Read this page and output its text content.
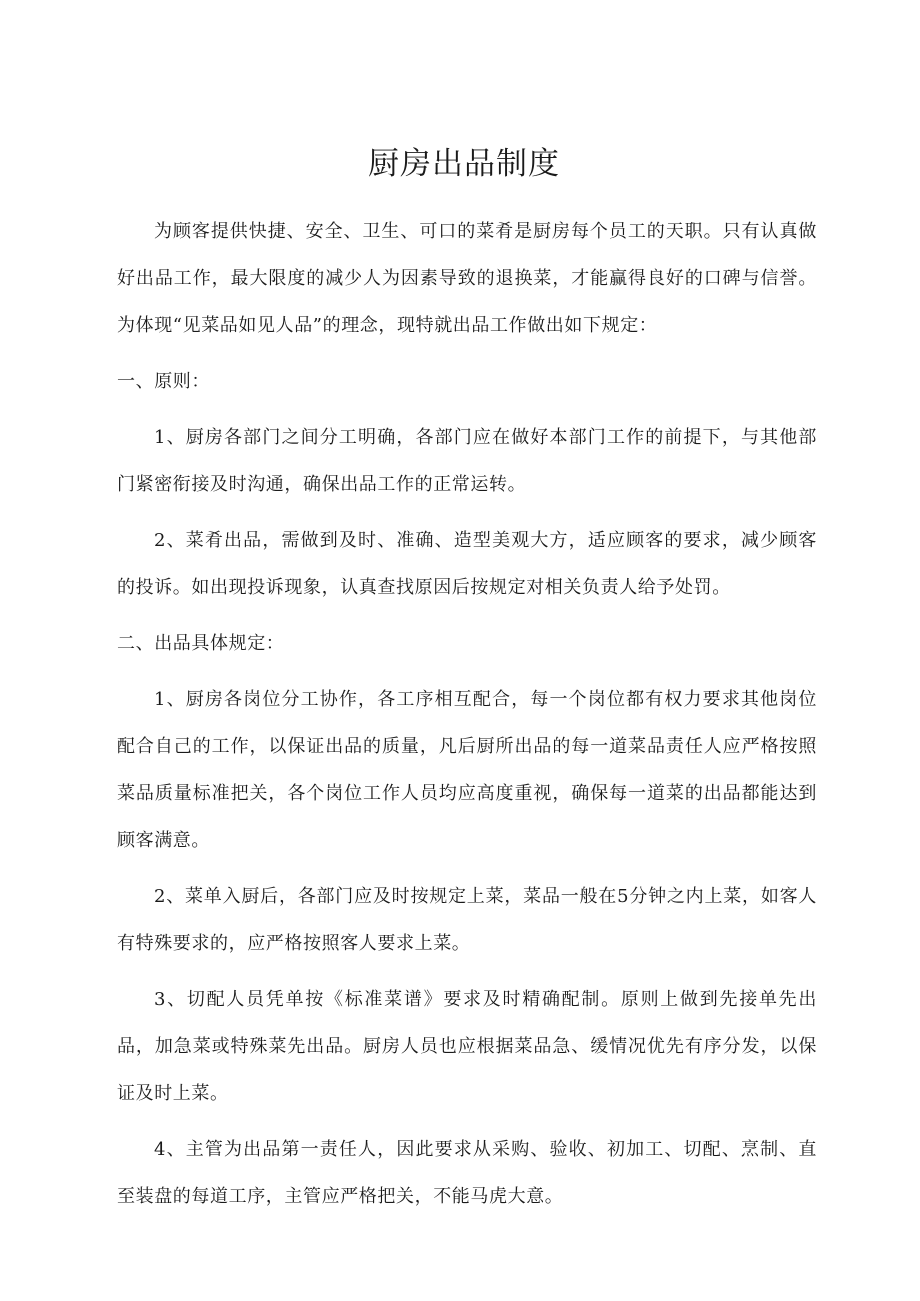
厨房出品制度

为顾客提供快捷、安全、卫生、可口的菜肴是厨房每个员工的天职。只有认真做好出品工作，最大限度的减少人为因素导致的退换菜，才能赢得良好的口碑与信誉。为体现“见菜品如见人品”的理念，现特就出品工作做出如下规定：

一、原则：

1、厨房各部门之间分工明确，各部门应在做好本部门工作的前提下，与其他部门紧密衔接及时沟通，确保出品工作的正常运转。

2、菜肴出品，需做到及时、准确、造型美观大方，适应顾客的要求，减少顾客的投诉。如出现投诉现象，认真查找原因后按规定对相关负责人给予处罚。

二、出品具体规定：

1、厨房各岗位分工协作，各工序相互配合，每一个岗位都有权力要求其他岗位配合自己的工作，以保证出品的质量，凡后厨所出品的每一道菜品责任人应严格按照菜品质量标准把关，各个岗位工作人员均应高度重视，确保每一道菜的出品都能达到顾客满意。

2、菜单入厨后，各部门应及时按规定上菜，菜品一般在5分钟之内上菜，如客人有特殊要求的，应严格按照客人要求上菜。

3、切配人员凭单按《标准菜谱》要求及时精确配制。原则上做到先接单先出品，加急菜或特殊菜先出品。厨房人员也应根据菜品急、缓情况优先有序分发，以保证及时上菜。

4、主管为出品第一责任人，因此要求从采购、验收、初加工、切配、烹制、直至装盘的每道工序，主管应严格把关，不能马虎大意。
